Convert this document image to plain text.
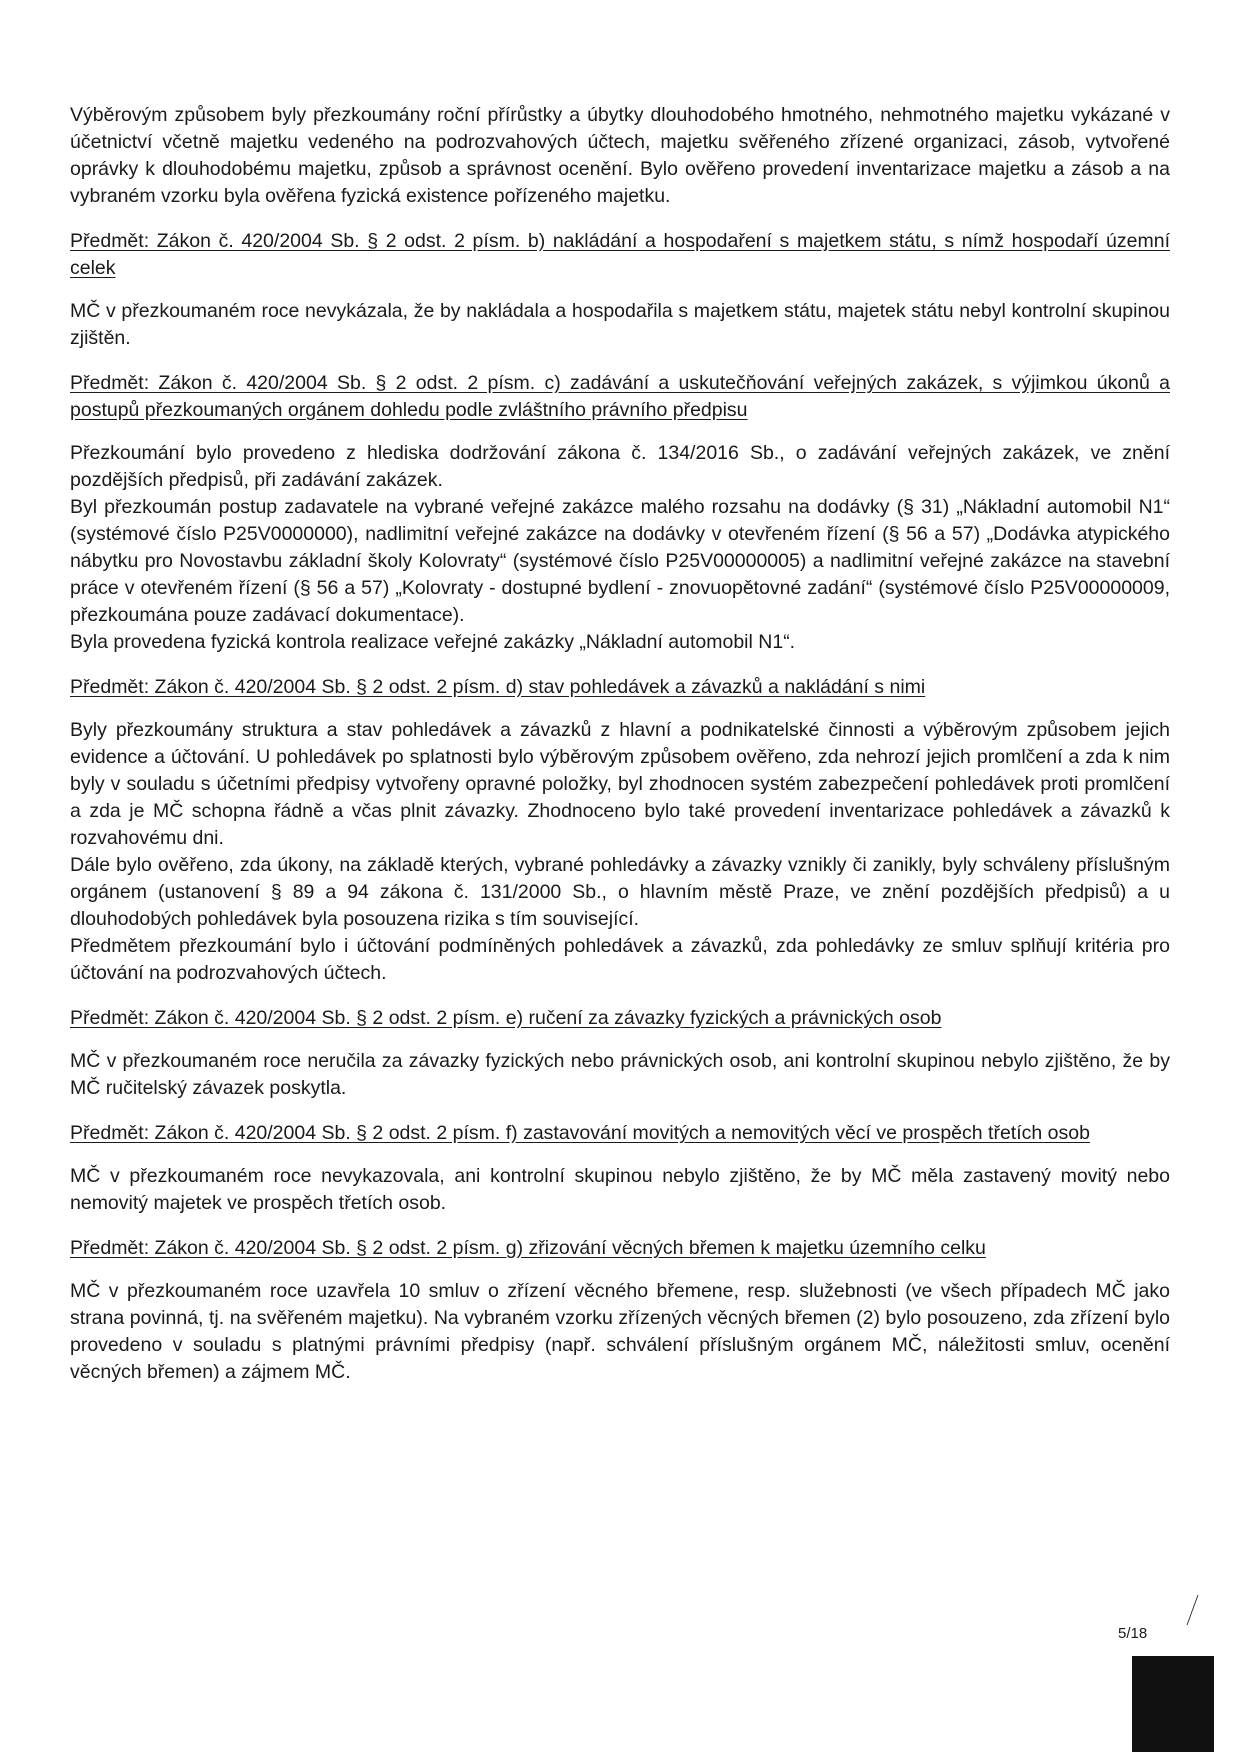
Výběrovým způsobem byly přezkoumány roční přírůstky a úbytky dlouhodobého hmotného, nehmotného majetku vykázané v účetnictví včetně majetku vedeného na podrozvahových účtech, majetku svěřeného zřízené organizaci, zásob, vytvořené oprávky k dlouhodobému majetku, způsob a správnost ocenění. Bylo ověřeno provedení inventarizace majetku a zásob a na vybraném vzorku byla ověřena fyzická existence pořízeného majetku.

Předmět: Zákon č. 420/2004 Sb. § 2 odst. 2 písm. b) nakládání a hospodaření s majetkem státu, s nímž hospodaří územní celek

MČ v přezkoumaném roce nevykázala, že by nakládala a hospodařila s majetkem státu, majetek státu nebyl kontrolní skupinou zjištěn.

Předmět: Zákon č. 420/2004 Sb. § 2 odst. 2 písm. c) zadávání a uskutečňování veřejných zakázek, s výjimkou úkonů a postupů přezkoumaných orgánem dohledu podle zvláštního právního předpisu

Přezkoumání bylo provedeno z hlediska dodržování zákona č. 134/2016 Sb., o zadávání veřejných zakázek, ve znění pozdějších předpisů, při zadávání zakázek.

Byl přezkoumán postup zadavatele na vybrané veřejné zakázce malého rozsahu na dodávky (§ 31) „Nákladní automobil N1“ (systémové číslo P25V0000000), nadlimitní veřejné zakázce na dodávky v otevřeném řízení (§ 56 a 57) „Dodávka atypického nábytku pro Novostavbu základní školy Kolovraty“ (systémové číslo P25V00000005) a nadlimitní veřejné zakázce na stavební práce v otevřeném řízení (§ 56 a 57) „Kolovraty - dostupné bydlení - znovuopětovné zadání“ (systémové číslo P25V00000009, přezkoumána pouze zadávací dokumentace).

Byla provedena fyzická kontrola realizace veřejné zakázky „Nákladní automobil N1“.

Předmět: Zákon č. 420/2004 Sb. § 2 odst. 2 písm. d) stav pohledávek a závazků a nakládání s nimi

Byly přezkoumány struktura a stav pohledávek a závazků z hlavní a podnikatelské činnosti a výběrovým způsobem jejich evidence a účtování. U pohledávek po splatnosti bylo výběrovým způsobem ověřeno, zda nehrozí jejich promlčení a zda k nim byly v souladu s účetními předpisy vytvořeny opravné položky, byl zhodnocen systém zabezpečení pohledávek proti promlčení a zda je MČ schopna řádně a včas plnit závazky. Zhodnoceno bylo také provedení inventarizace pohledávek a závazků k rozvahovému dni.

Dále bylo ověřeno, zda úkony, na základě kterých, vybrané pohledávky a závazky vznikly či zanikly, byly schváleny příslušným orgánem (ustanovení § 89 a 94 zákona č. 131/2000 Sb., o hlavním městě Praze, ve znění pozdějších předpisů) a u dlouhodobých pohledávek byla posouzena rizika s tím související.

Předmětem přezkoumání bylo i účtování podmíněných pohledávek a závazků, zda pohledávky ze smluv splňují kritéria pro účtování na podrozvahových účtech.

Předmět: Zákon č. 420/2004 Sb. § 2 odst. 2 písm. e) ručení za závazky fyzických a právnických osob

MČ v přezkoumaném roce neručila za závazky fyzických nebo právnických osob, ani kontrolní skupinou nebylo zjištěno, že by MČ ručitelský závazek poskytla.

Předmět: Zákon č. 420/2004 Sb. § 2 odst. 2 písm. f) zastavování movitých a nemovitých věcí ve prospěch třetích osob

MČ v přezkoumaném roce nevykazovala, ani kontrolní skupinou nebylo zjištěno, že by MČ měla zastavený movitý nebo nemovitý majetek ve prospěch třetích osob.

Předmět: Zákon č. 420/2004 Sb. § 2 odst. 2 písm. g) zřizování věcných břemen k majetku územního celku

MČ v přezkoumaném roce uzavřela 10 smluv o zřízení věcného břemene, resp. služebnosti (ve všech případech MČ jako strana povinná, tj. na svěřeném majetku). Na vybraném vzorku zřízených věcných břemen (2) bylo posouzeno, zda zřízení bylo provedeno v souladu s platnými právními předpisy (např. schválení příslušným orgánem MČ, náležitosti smluv, ocenění věcných břemen) a zájmem MČ.

5/18
